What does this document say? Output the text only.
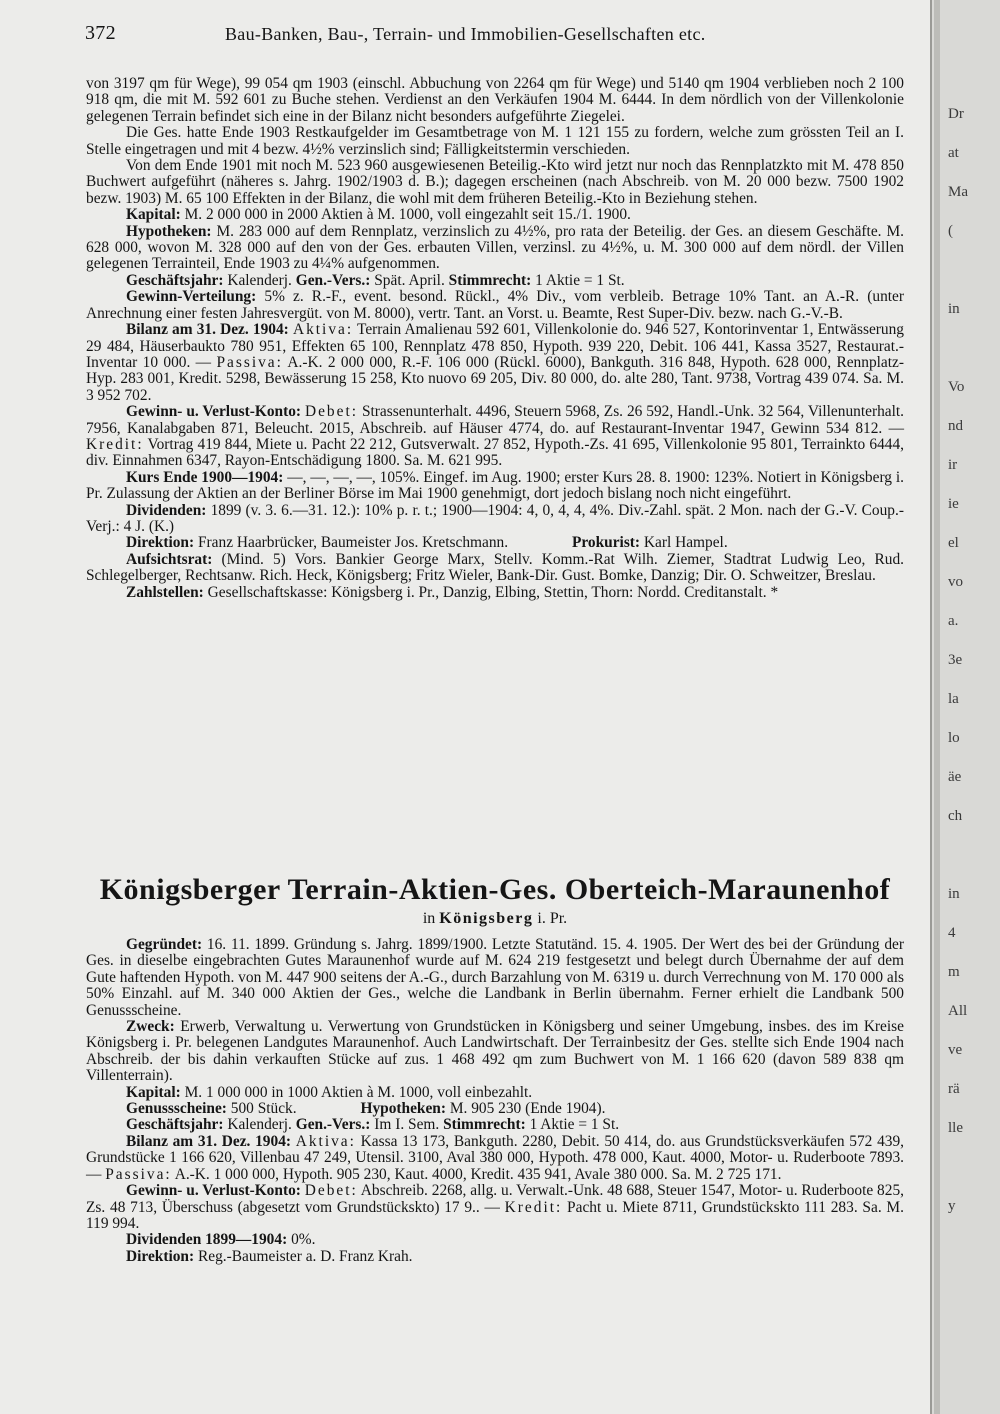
372	Bau-Banken, Bau-, Terrain- und Immobilien-Gesellschaften etc.

von 3197 qm für Wege), 99 054 qm 1903 (einschl. Abbuchung von 2264 qm für Wege) und 5140 qm 1904 verblieben noch 2 100 918 qm, die mit M. 592 601 zu Buche stehen. Verdienst an den Verkäufen 1904 M. 6444. In dem nördlich von der Villenkolonie gelegenen Terrain befindet sich eine in der Bilanz nicht besonders aufgeführte Ziegelei.

Die Ges. hatte Ende 1903 Restkaufgelder im Gesamtbetrage von M. 1 121 155 zu fordern, welche zum grössten Teil an I. Stelle eingetragen und mit 4 bezw. 4½% verzinslich sind; Fälligkeitstermin verschieden.

Von dem Ende 1901 mit noch M. 523 960 ausgewiesenen Beteilig.-Kto wird jetzt nur noch das Rennplatzkto mit M. 478 850 Buchwert aufgeführt (näheres s. Jahrg. 1902/1903 d. B.); dagegen erscheinen (nach Abschreib. von M. 20 000 bezw. 7500 1902 bezw. 1903) M. 65 100 Effekten in der Bilanz, die wohl mit dem früheren Beteilig.-Kto in Beziehung stehen.

Kapital: M. 2 000 000 in 2000 Aktien à M. 1000, voll eingezahlt seit 15./1. 1900.

Hypotheken: M. 283 000 auf dem Rennplatz, verzinslich zu 4½%, pro rata der Beteilig. der Ges. an diesem Geschäfte. M. 628 000, wovon M. 328 000 auf den von der Ges. erbauten Villen, verzinsl. zu 4½%, u. M. 300 000 auf dem nördl. der Villen gelegenen Terrainteil, Ende 1903 zu 4¼% aufgenommen.

Geschäftsjahr: Kalenderj. Gen.-Vers.: Spät. April. Stimmrecht: 1 Aktie = 1 St.

Gewinn-Verteilung: 5% z. R.-F., event. besond. Rückl., 4% Div., vom verbleib. Betrage 10% Tant. an A.-R. (unter Anrechnung einer festen Jahresvergüt. von M. 8000), vertr. Tant. an Vorst. u. Beamte, Rest Super-Div. bezw. nach G.-V.-B.

Bilanz am 31. Dez. 1904: Aktiva: Terrain Amalienau 592 601, Villenkolonie do. 946 527, Kontorinventar 1, Entwässerung 29 484, Häuserbaukto 780 951, Effekten 65 100, Rennplatz 478 850, Hypoth. 939 220, Debit. 106 441, Kassa 3527, Restaurat.-Inventar 10 000. — Passiva: A.-K. 2 000 000, R.-F. 106 000 (Rückl. 6000), Bankguth. 316 848, Hypoth. 628 000, Rennplatz-Hyp. 283 001, Kredit. 5298, Bewässerung 15 258, Kto nuovo 69 205, Div. 80 000, do. alte 280, Tant. 9738, Vortrag 439 074. Sa. M. 3 952 702.

Gewinn- u. Verlust-Konto: Debet: Strassenunterhalt. 4496, Steuern 5968, Zs. 26 592, Handl.-Unk. 32 564, Villenunterhalt. 7956, Kanalabgaben 871, Beleucht. 2015, Abschreib. auf Häuser 4774, do. auf Restaurant-Inventar 1947, Gewinn 534 812. — Kredit: Vortrag 419 844, Miete u. Pacht 22 212, Gutsverwalt. 27 852, Hypoth.-Zs. 41 695, Villenkolonie 95 801, Terrainkto 6444, div. Einnahmen 6347, Rayon-Entschädigung 1800. Sa. M. 621 995.

Kurs Ende 1900—1904: —, —, —, —, 105%. Eingef. im Aug. 1900; erster Kurs 28. 8. 1900: 123%. Notiert in Königsberg i. Pr. Zulassung der Aktien an der Berliner Börse im Mai 1900 genehmigt, dort jedoch bislang noch nicht eingeführt.

Dividenden: 1899 (v. 3. 6.—31. 12.): 10% p. r. t.; 1900—1904: 4, 0, 4, 4, 4%. Div.-Zahl. spät. 2 Mon. nach der G.-V. Coup.-Verj.: 4 J. (K.)

Direktion: Franz Haarbrücker, Baumeister Jos. Kretschmann.	Prokurist: Karl Hampel.

Aufsichtsrat: (Mind. 5) Vors. Bankier George Marx, Stellv. Komm.-Rat Wilh. Ziemer, Stadtrat Ludwig Leo, Rud. Schlegelberger, Rechtsanw. Rich. Heck, Königsberg; Fritz Wieler, Bank-Dir. Gust. Bomke, Danzig; Dir. O. Schweitzer, Breslau.

Zahlstellen: Gesellschaftskasse: Königsberg i. Pr., Danzig, Elbing, Stettin, Thorn: Nordd. Creditanstalt. *

Königsberger Terrain-Aktien-Ges. Oberteich-Maraunenhof
in Königsberg i. Pr.

Gegründet: 16. 11. 1899. Gründung s. Jahrg. 1899/1900. Letzte Statutänd. 15. 4. 1905. Der Wert des bei der Gründung der Ges. in dieselbe eingebrachten Gutes Maraunenhof wurde auf M. 624 219 festgesetzt und belegt durch Übernahme der auf dem Gute haftenden Hypoth. von M. 447 900 seitens der A.-G., durch Barzahlung von M. 6319 u. durch Verrechnung von M. 170 000 als 50% Einzahl. auf M. 340 000 Aktien der Ges., welche die Landbank in Berlin übernahm. Ferner erhielt die Landbank 500 Genussscheine.

Zweck: Erwerb, Verwaltung u. Verwertung von Grundstücken in Königsberg und seiner Umgebung, insbes. des im Kreise Königsberg i. Pr. belegenen Landgutes Maraunenhof. Auch Landwirtschaft. Der Terrainbesitz der Ges. stellte sich Ende 1904 nach Abschreib. der bis dahin verkauften Stücke auf zus. 1 468 492 qm zum Buchwert von M. 1 166 620 (davon 589 838 qm Villenterrain).

Kapital: M. 1 000 000 in 1000 Aktien à M. 1000, voll einbezahlt.

Genussscheine: 500 Stück.	Hypotheken: M. 905 230 (Ende 1904).

Geschäftsjahr: Kalenderj. Gen.-Vers.: Im I. Sem. Stimmrecht: 1 Aktie = 1 St.

Bilanz am 31. Dez. 1904: Aktiva: Kassa 13 173, Bankguth. 2280, Debit. 50 414, do. aus Grundstücksverkäufen 572 439, Grundstücke 1 166 620, Villenbau 47 249, Utensil. 3100, Aval 380 000, Hypoth. 478 000, Kaut. 4000, Motor- u. Ruderboote 7893. — Passiva: A.-K. 1 000 000, Hypoth. 905 230, Kaut. 4000, Kredit. 435 941, Avale 380 000. Sa. M. 2 725 171.

Gewinn- u. Verlust-Konto: Debet: Abschreib. 2268, allg. u. Verwalt.-Unk. 48 688, Steuer 1547, Motor- u. Ruderboote 825, Zs. 48 713, Überschuss (abgesetzt vom Grundstückskto) 17 9.. — Kredit: Pacht u. Miete 8711, Grundstückskto 111 283. Sa. M. 119 994.

Dividenden 1899—1904: 0%.

Direktion: Reg.-Baumeister a. D. Franz Krah.

Dr
at
Ma
(
in
Vo
nd
ir
ie
el
vo
a.
3e
la
lo
äe
ch
in
4
m
All
ve
rä
lle
y
